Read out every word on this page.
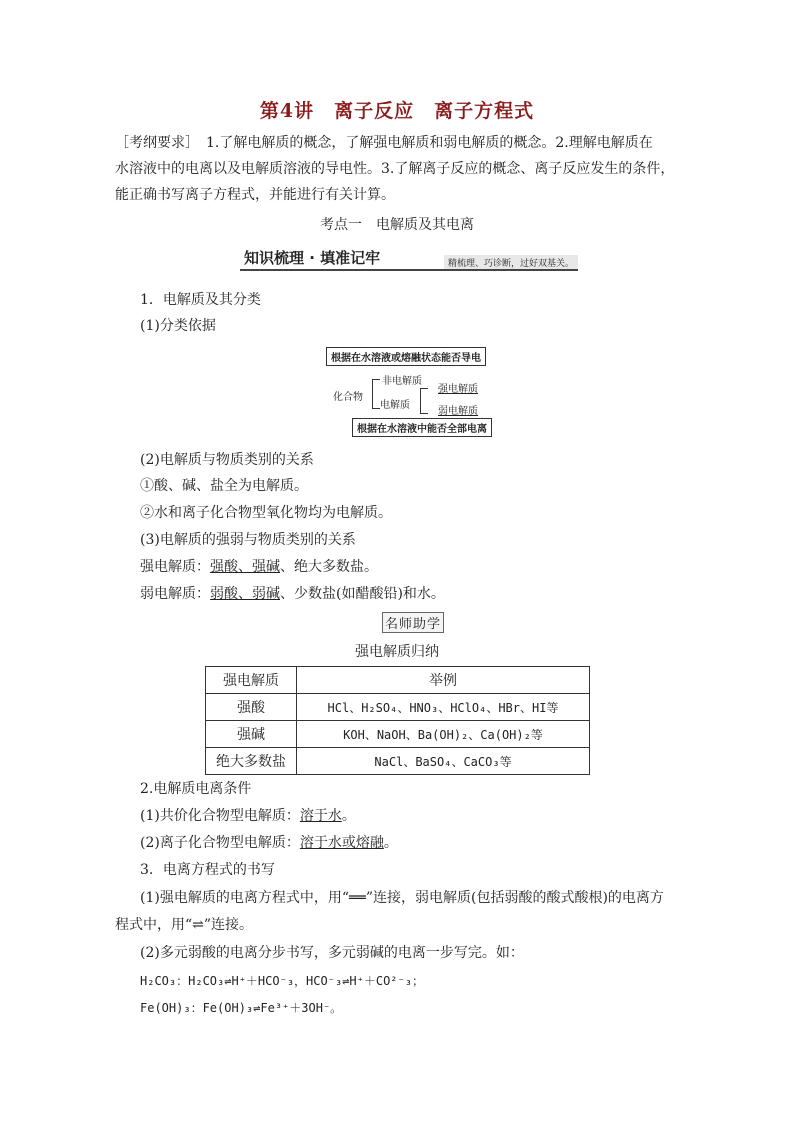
第4讲　离子反应　离子方程式
［考纲要求］　1.了解电解质的概念，了解强电解质和弱电解质的概念。2.理解电解质在
水溶液中的电离以及电解质溶液的导电性。3.了解离子反应的概念、离子反应发生的条件，
能正确书写离子方程式，并能进行有关计算。
考点一　电解质及其电离
知识梳理 · 填准记牢	精梳理、巧诊断，过好双基关。
1．电解质及其分类
(1)分类依据
根据在水溶液或熔融状态能否导电
化合物
非电解质
电解质
强电解质
弱电解质
根据在水溶液中能否全部电离
(2)电解质与物质类别的关系
①酸、碱、盐全为电解质。
②水和离子化合物型氧化物均为电解质。
(3)电解质的强弱与物质类别的关系
强电解质：强酸、强碱、绝大多数盐。
弱电解质：弱酸、弱碱、少数盐(如醋酸铅)和水。
名师助学
强电解质归纳
强电解质	举例
强酸	HCl、H₂SO₄、HNO₃、HClO₄、HBr、HI等
强碱	KOH、NaOH、Ba(OH)₂、Ca(OH)₂等
绝大多数盐	NaCl、BaSO₄、CaCO₃等
2.电解质电离条件
(1)共价化合物型电解质：溶于水。
(2)离子化合物型电解质：溶于水或熔融。
3．电离方程式的书写
(1)强电解质的电离方程式中，用“══”连接，弱电解质(包括弱酸的酸式酸根)的电离方
程式中，用“⇌”连接。
(2)多元弱酸的电离分步书写，多元弱碱的电离一步写完。如：
H₂CO₃：H₂CO₃⇌H⁺＋HCO⁻₃，HCO⁻₃⇌H⁺＋CO²⁻₃；
Fe(OH)₃：Fe(OH)₃⇌Fe³⁺＋3OH⁻。
